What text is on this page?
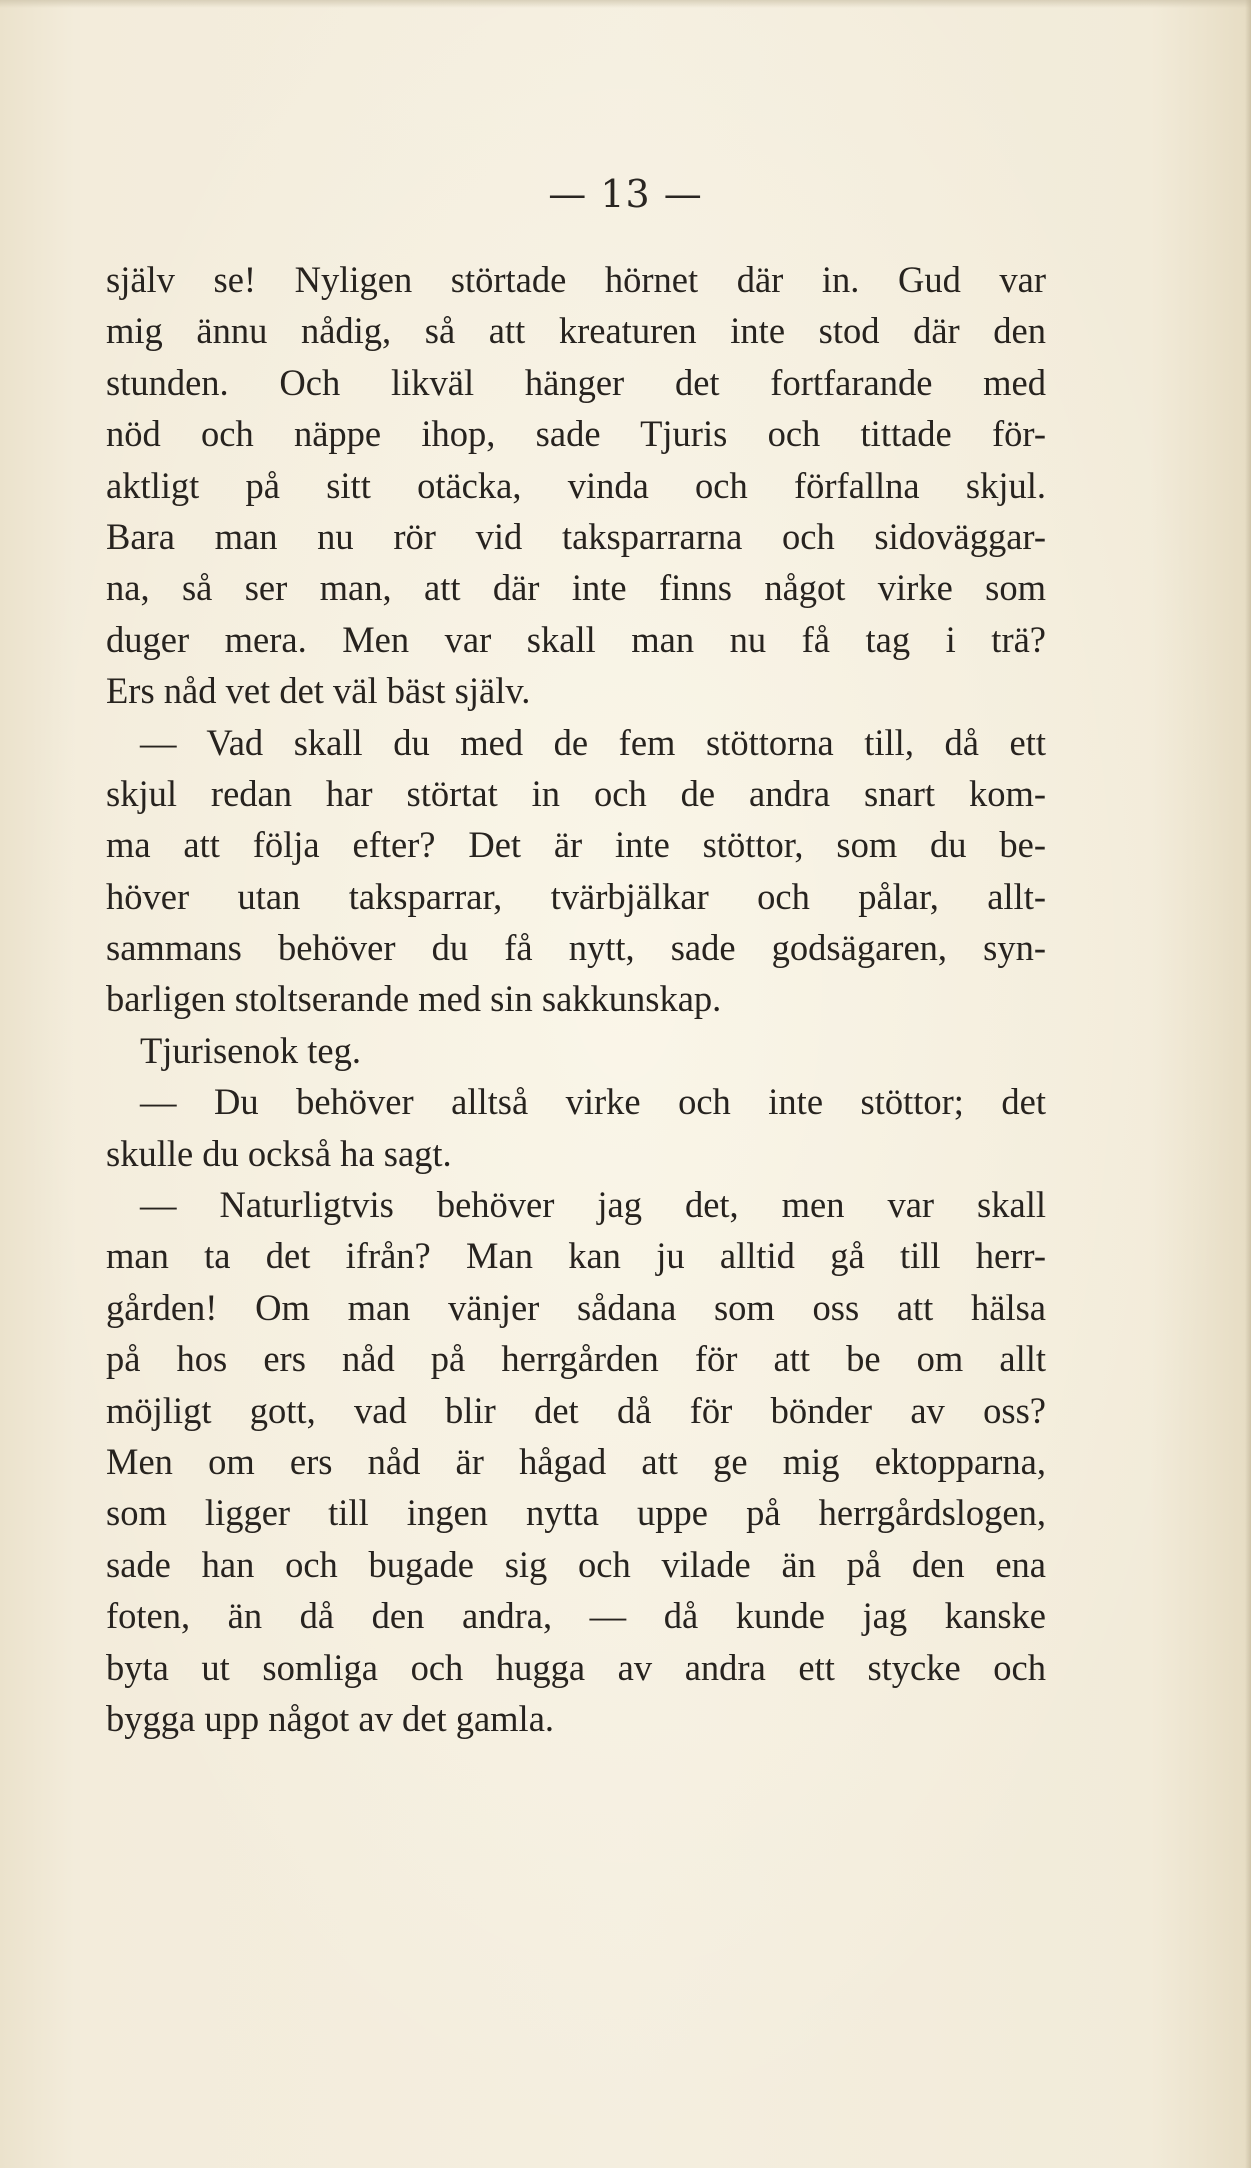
— 13 —
själv se! Nyligen störtade hörnet där in. Gud var
mig ännu nådig, så att kreaturen inte stod där den
stunden. Och likväl hänger det fortfarande med
nöd och näppe ihop, sade Tjuris och tittade för-
aktligt på sitt otäcka, vinda och förfallna skjul.
Bara man nu rör vid taksparrarna och sidoväggar-
na, så ser man, att där inte finns något virke som
duger mera. Men var skall man nu få tag i trä?
Ers nåd vet det väl bäst själv.
— Vad skall du med de fem stöttorna till, då ett
skjul redan har störtat in och de andra snart kom-
ma att följa efter? Det är inte stöttor, som du be-
höver utan taksparrar, tvärbjälkar och pålar, allt-
sammans behöver du få nytt, sade godsägaren, syn-
barligen stoltserande med sin sakkunskap.
Tjurisenok teg.
— Du behöver alltså virke och inte stöttor; det
skulle du också ha sagt.
— Naturligtvis behöver jag det, men var skall
man ta det ifrån? Man kan ju alltid gå till herr-
gården! Om man vänjer sådana som oss att hälsa
på hos ers nåd på herrgården för att be om allt
möjligt gott, vad blir det då för bönder av oss?
Men om ers nåd är hågad att ge mig ektopparna,
som ligger till ingen nytta uppe på herrgårdslogen,
sade han och bugade sig och vilade än på den ena
foten, än då den andra, — då kunde jag kanske
byta ut somliga och hugga av andra ett stycke och
bygga upp något av det gamla.
